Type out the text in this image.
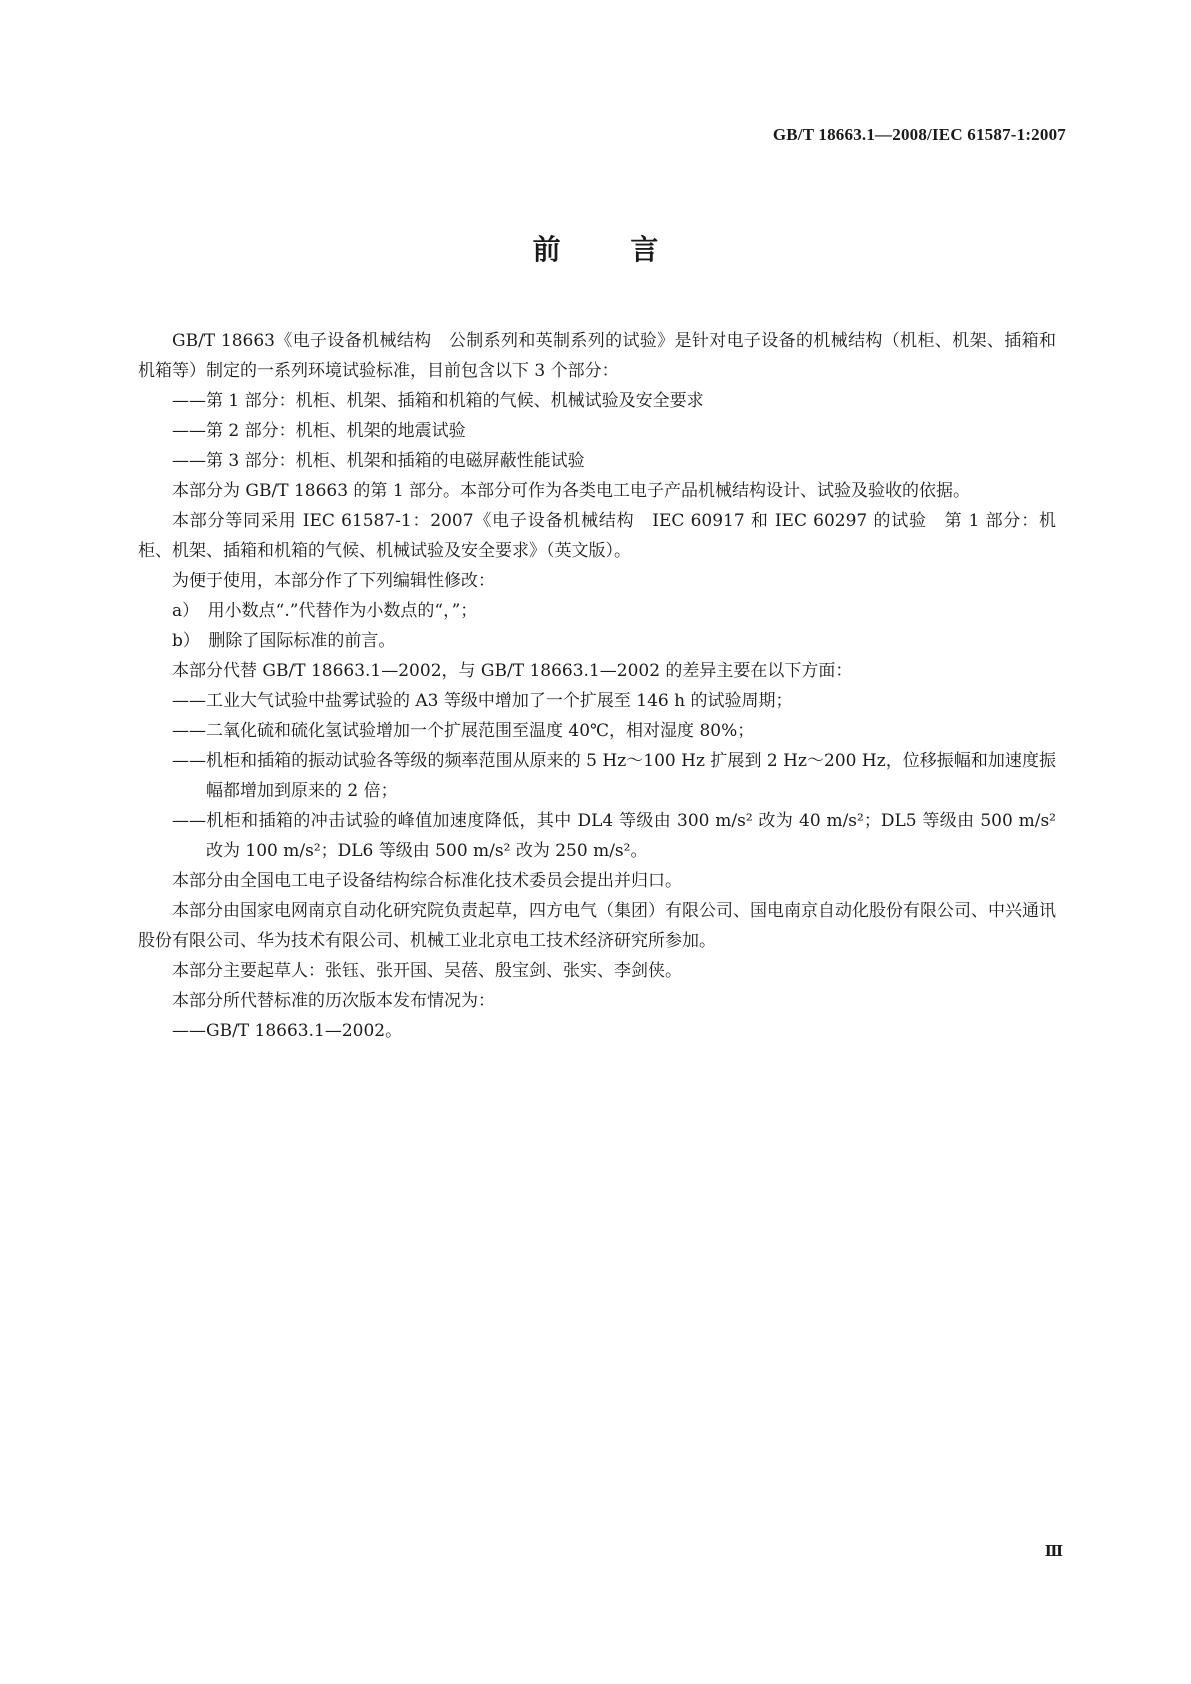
GB/T 18663.1—2008/IEC 61587-1:2007
前 言

GB/T 18663《电子设备机械结构　公制系列和英制系列的试验》是针对电子设备的机械结构（机柜、机架、插箱和机箱等）制定的一系列环境试验标准，目前包含以下 3 个部分：

——第 1 部分：机柜、机架、插箱和机箱的气候、机械试验及安全要求

——第 2 部分：机柜、机架的地震试验

——第 3 部分：机柜、机架和插箱的电磁屏蔽性能试验

本部分为 GB/T 18663 的第 1 部分。本部分可作为各类电工电子产品机械结构设计、试验及验收的依据。

本部分等同采用 IEC 61587-1：2007《电子设备机械结构　IEC 60917 和 IEC 60297 的试验　第 1 部分：机柜、机架、插箱和机箱的气候、机械试验及安全要求》（英文版）。

为便于使用，本部分作了下列编辑性修改：

a）　用小数点“.”代替作为小数点的“，”；

b）　删除了国际标准的前言。

本部分代替 GB/T 18663.1—2002，与 GB/T 18663.1—2002 的差异主要在以下方面：

——工业大气试验中盐雾试验的 A3 等级中增加了一个扩展至 146 h 的试验周期；

——二氧化硫和硫化氢试验增加一个扩展范围至温度 40℃，相对湿度 80%；

——机柜和插箱的振动试验各等级的频率范围从原来的 5 Hz～100 Hz 扩展到 2 Hz～200 Hz，位移振幅和加速度振幅都增加到原来的 2 倍；

——机柜和插箱的冲击试验的峰值加速度降低，其中 DL4 等级由 300 m/s² 改为 40 m/s²；DL5 等级由 500 m/s² 改为 100 m/s²；DL6 等级由 500 m/s² 改为 250 m/s²。

本部分由全国电工电子设备结构综合标准化技术委员会提出并归口。

本部分由国家电网南京自动化研究院负责起草，四方电气（集团）有限公司、国电南京自动化股份有限公司、中兴通讯股份有限公司、华为技术有限公司、机械工业北京电工技术经济研究所参加。

本部分主要起草人：张钰、张开国、吴蓓、殷宝剑、张实、李剑侠。

本部分所代替标准的历次版本发布情况为：

——GB/T 18663.1—2002。

Ⅲ
